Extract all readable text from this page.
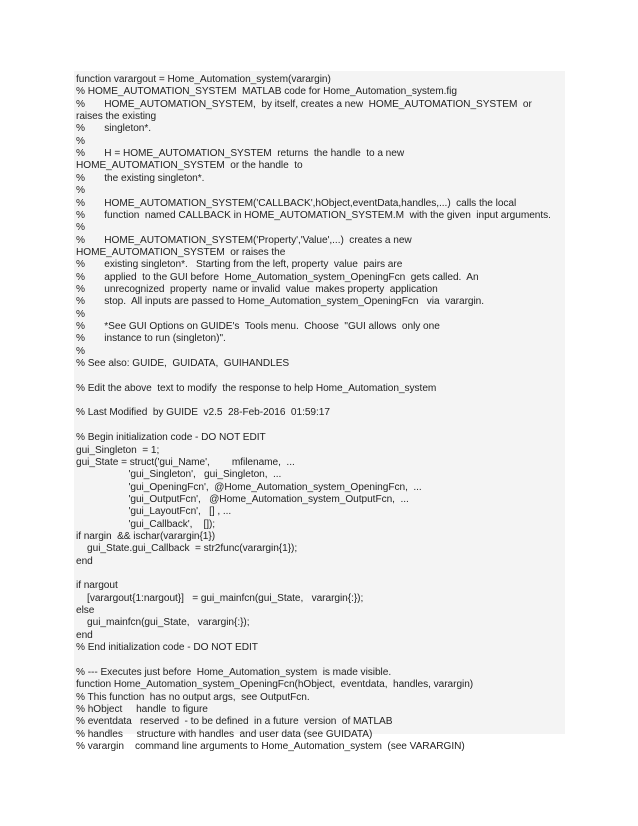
function varargout = Home_Automation_system(varargin)
% HOME_AUTOMATION_SYSTEM  MATLAB code for Home_Automation_system.fig
%       HOME_AUTOMATION_SYSTEM,  by itself, creates a new  HOME_AUTOMATION_SYSTEM  or
raises the existing
%       singleton*.
%
%       H = HOME_AUTOMATION_SYSTEM  returns  the handle  to a new
HOME_AUTOMATION_SYSTEM  or the handle  to
%       the existing singleton*.
%
%       HOME_AUTOMATION_SYSTEM('CALLBACK',hObject,eventData,handles,...)  calls the local
%       function  named CALLBACK in HOME_AUTOMATION_SYSTEM.M  with the given  input arguments.
%
%       HOME_AUTOMATION_SYSTEM('Property','Value',...)  creates a new
HOME_AUTOMATION_SYSTEM  or raises the
%       existing singleton*.   Starting from the left, property  value  pairs are
%       applied  to the GUI before  Home_Automation_system_OpeningFcn  gets called.  An
%       unrecognized  property  name or invalid  value  makes property  application
%       stop.  All inputs are passed to Home_Automation_system_OpeningFcn   via  varargin.
%
%       *See GUI Options on GUIDE's  Tools menu.  Choose  "GUI allows  only one
%       instance to run (singleton)".
%
% See also: GUIDE,  GUIDATA,  GUIHANDLES
% Edit the above  text to modify  the response to help Home_Automation_system
% Last Modified  by GUIDE  v2.5  28-Feb-2016  01:59:17
% Begin initialization code - DO NOT EDIT
gui_Singleton  = 1;
gui_State = struct('gui_Name',        mfilename,  ...
'gui_Singleton',   gui_Singleton,  ...
'gui_OpeningFcn',  @Home_Automation_system_OpeningFcn,  ...
'gui_OutputFcn',   @Home_Automation_system_OutputFcn,  ...
'gui_LayoutFcn',   [] , ...
'gui_Callback',    []);
if nargin  && ischar(varargin{1})
gui_State.gui_Callback  = str2func(varargin{1});
end
if nargout
[varargout{1:nargout}]   = gui_mainfcn(gui_State,   varargin{:});
else
gui_mainfcn(gui_State,   varargin{:});
end
% End initialization code - DO NOT EDIT
% --- Executes just before  Home_Automation_system  is made visible.
function Home_Automation_system_OpeningFcn(hObject,  eventdata,  handles, varargin)
% This function  has no output args,  see OutputFcn.
% hObject     handle  to figure
% eventdata   reserved  - to be defined  in a future  version  of MATLAB
% handles     structure with handles  and user data (see GUIDATA)
% varargin    command line arguments to Home_Automation_system  (see VARARGIN)
